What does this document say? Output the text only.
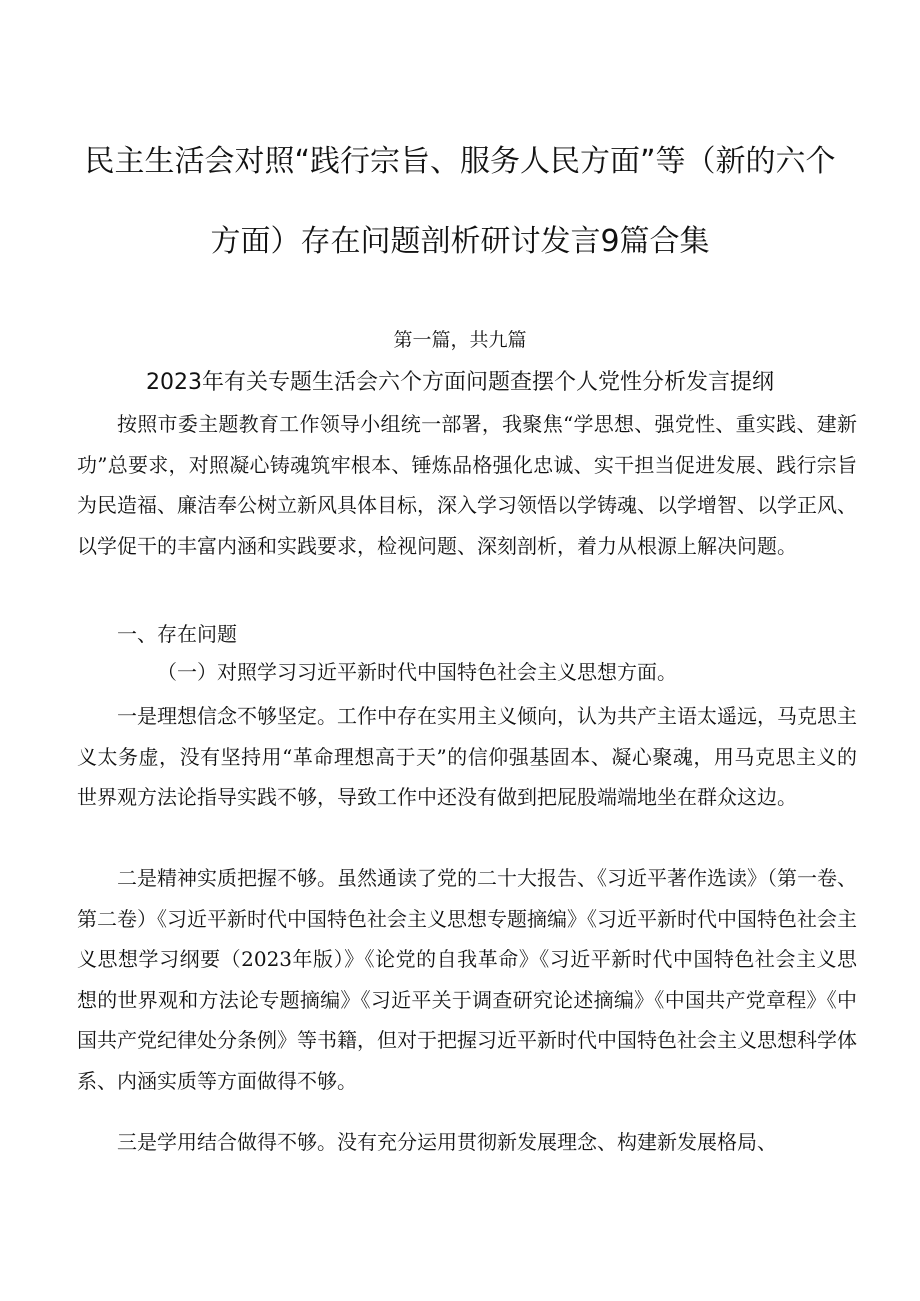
民主生活会对照“践行宗旨、服务人民方面”等（新的六个
方面）存在问题剖析研讨发言9篇合集
第一篇，共九篇
2023年有关专题生活会六个方面问题查摆个人党性分析发言提纲

按照市委主题教育工作领导小组统一部署，我聚焦“学思想、强党性、重实践、建新功”总要求，对照凝心铸魂筑牢根本、锤炼品格强化忠诚、实干担当促进发展、践行宗旨为民造福、廉洁奉公树立新风具体目标，深入学习领悟以学铸魂、以学增智、以学正风、以学促干的丰富内涵和实践要求，检视问题、深刻剖析，着力从根源上解决问题。

一、存在问题

（一）对照学习习近平新时代中国特色社会主义思想方面。

一是理想信念不够坚定。工作中存在实用主义倾向，认为共产主语太遥远，马克思主义太务虚，没有坚持用“革命理想高于天”的信仰强基固本、凝心聚魂，用马克思主义的世界观方法论指导实践不够，导致工作中还没有做到把屁股端端地坐在群众这边。

二是精神实质把握不够。虽然通读了党的二十大报告、《习近平著作选读》（第一卷、第二卷）《习近平新时代中国特色社会主义思想专题摘编》《习近平新时代中国特色社会主义思想学习纲要（2023年版）》《论党的自我革命》《习近平新时代中国特色社会主义思想的世界观和方法论专题摘编》《习近平关于调查研究论述摘编》《中国共产党章程》《中国共产党纪律处分条例》等书籍，但对于把握习近平新时代中国特色社会主义思想科学体系、内涵实质等方面做得不够。

三是学用结合做得不够。没有充分运用贯彻新发展理念、构建新发展格局、
